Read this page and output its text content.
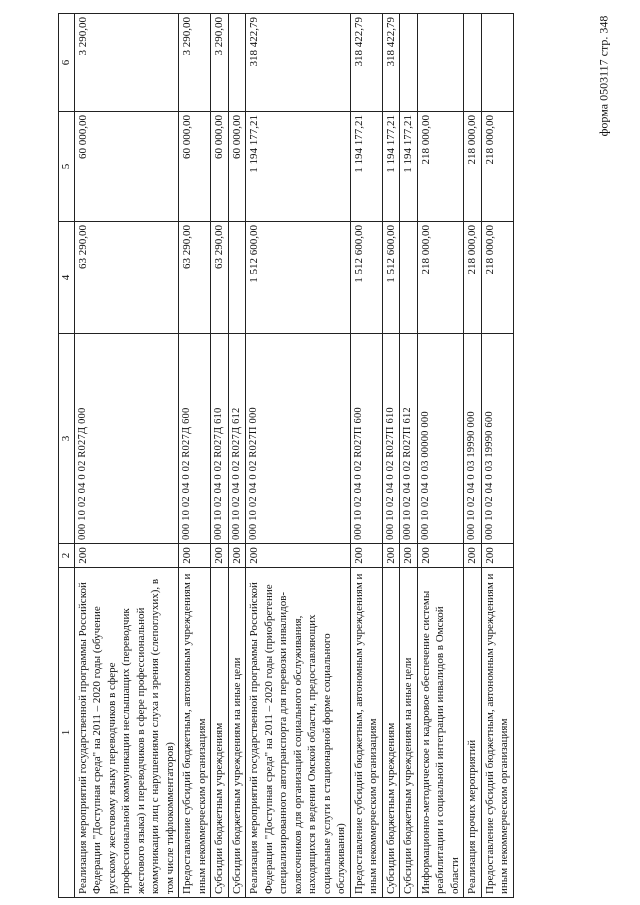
форма 0503117 стр. 348
1	2	3	4	5	6
Реализация мероприятий государственной программы Российской Федерации "Доступная среда" на 2011 – 2020 годы (обучение русскому жестовому языку переводчиков в сфере профессиональной коммуникации неслышащих (переводчик жестового языка) и переводчиков в сфере профессиональной коммуникации лиц с нарушениями слуха и зрения (слепоглухих), в том числе тифлокомментаторов)	200	000 10 02 04 0 02 R027Д 000	63 290,00	60 000,00	3 290,00
Предоставление субсидий бюджетным, автономным учреждениям и иным некоммерческим организациям	200	000 10 02 04 0 02 R027Д 600	63 290,00	60 000,00	3 290,00
Субсидии бюджетным учреждениям	200	000 10 02 04 0 02 R027Д 610	63 290,00	60 000,00	3 290,00
Субсидии бюджетным учреждениям на иные цели	200	000 10 02 04 0 02 R027Д 612		60 000,00	
Реализация мероприятий государственной программы Российской Федерации "Доступная среда" на 2011 – 2020 годы (приобретение специализированного автотранспорта для перевозки инвалидов-колясочников для организаций социального обслуживания, находящихся в ведении Омской области, предоставляющих социальные услуги в стационарной форме социального обслуживания)	200	000 10 02 04 0 02 R027П 000	1 512 600,00	1 194 177,21	318 422,79
Предоставление субсидий бюджетным, автономным учреждениям и иным некоммерческим организациям	200	000 10 02 04 0 02 R027П 600	1 512 600,00	1 194 177,21	318 422,79
Субсидии бюджетным учреждениям	200	000 10 02 04 0 02 R027П 610	1 512 600,00	1 194 177,21	318 422,79
Субсидии бюджетным учреждениям на иные цели	200	000 10 02 04 0 02 R027П 612		1 194 177,21	
Информационно-методическое и кадровое обеспечение системы реабилитации и социальной интеграции инвалидов в Омской области	200	000 10 02 04 0 03 00000 000	218 000,00	218 000,00	
Реализация прочих мероприятий	200	000 10 02 04 0 03 19990 000	218 000,00	218 000,00	
Предоставление субсидий бюджетным, автономным учреждениям и иным некоммерческим организациям	200	000 10 02 04 0 03 19990 600	218 000,00	218 000,00	
